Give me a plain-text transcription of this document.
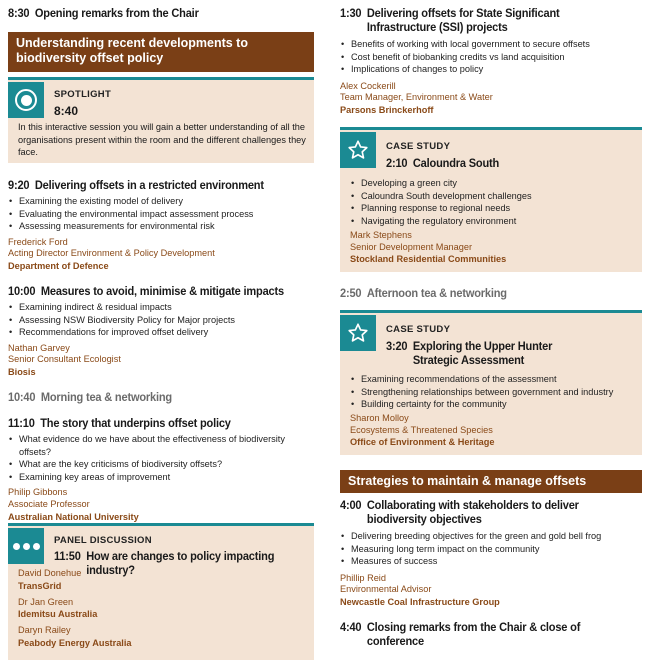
8:30 Opening remarks from the Chair
Understanding recent developments to biodiversity offset policy
SPOTLIGHT
8:40
In this interactive session you will gain a better understanding of all the organisations present within the room and the different challenges they face.
9:20 Delivering offsets in a restricted environment
• Examining the existing model of delivery
• Evaluating the environmental impact assessment process
• Assessing measurements for environmental risk
Frederick Ford
Acting Director Environment & Policy Development
Department of Defence
10:00 Measures to avoid, minimise & mitigate impacts
• Examining indirect & residual impacts
• Assessing NSW Biodiversity Policy for Major projects
• Recommendations for improved offset delivery
Nathan Garvey
Senior Consultant Ecologist
Biosis
10:40 Morning tea & networking
11:10 The story that underpins offset policy
• What evidence do we have about the effectiveness of biodiversity offsets?
• What are the key criticisms of biodiversity offsets?
• Examining key areas of improvement
Philip Gibbons
Associate Professor
Australian National University
PANEL DISCUSSION
11:50 How are changes to policy impacting industry?
David Donehue
TransGrid
Dr Jan Green
Idemitsu Australia
Daryn Railey
Peabody Energy Australia
1:30 Delivering offsets for State Significant Infrastructure (SSI) projects
• Benefits of working with local government to secure offsets
• Cost benefit of biobanking credits vs land acquisition
• Implications of changes to policy
Alex Cockerill
Team Manager, Environment & Water
Parsons Brinckerhoff
CASE STUDY
2:10 Caloundra South
• Developing a green city
• Caloundra South development challenges
• Planning response to regional needs
• Navigating the regulatory environment
Mark Stephens
Senior Development Manager
Stockland Residential Communities
2:50 Afternoon tea & networking
CASE STUDY
3:20 Exploring the Upper Hunter Strategic Assessment
• Examining recommendations of the assessment
• Strengthening relationships between government and industry
• Building certainty for the community
Sharon Molloy
Ecosystems & Threatened Species
Office of Environment & Heritage
Strategies to maintain & manage offsets
4:00 Collaborating with stakeholders to deliver biodiversity objectives
• Delivering breeding objectives for the green and gold bell frog
• Measuring long term impact on the community
• Measures of success
Phillip Reid
Environmental Advisor
Newcastle Coal Infrastructure Group
4:40 Closing remarks from the Chair & close of conference
